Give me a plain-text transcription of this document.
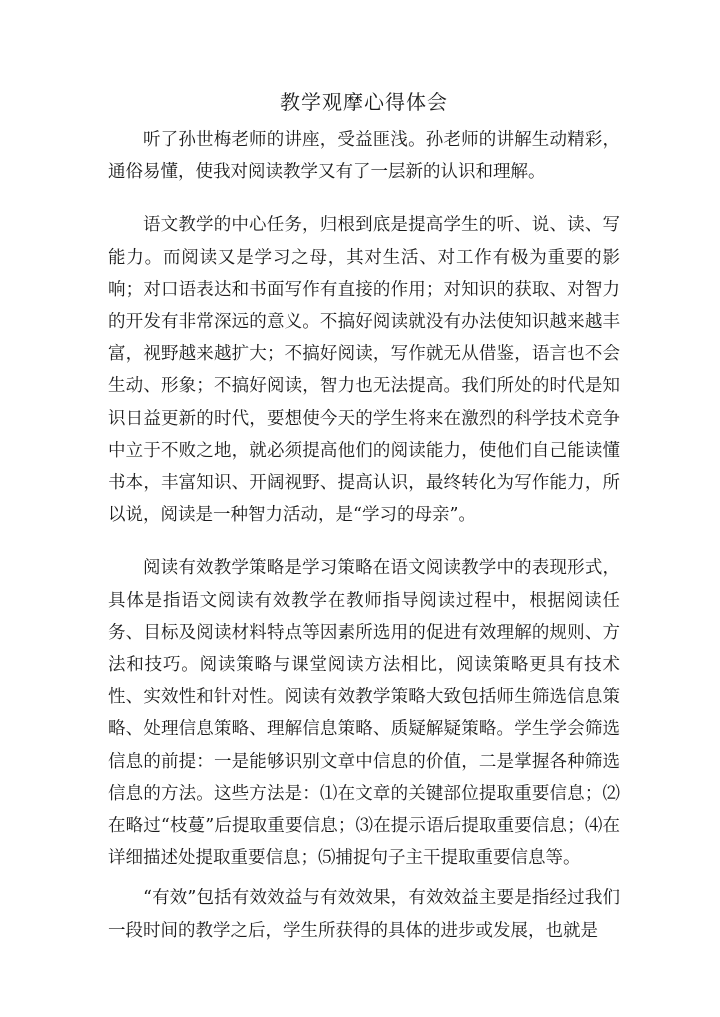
教学观摩心得体会

听了孙世梅老师的讲座，受益匪浅。孙老师的讲解生动精彩，通俗易懂，使我对阅读教学又有了一层新的认识和理解。

语文教学的中心任务，归根到底是提高学生的听、说、读、写能力。而阅读又是学习之母，其对生活、对工作有极为重要的影响；对口语表达和书面写作有直接的作用；对知识的获取、对智力的开发有非常深远的意义。不搞好阅读就没有办法使知识越来越丰富，视野越来越扩大；不搞好阅读，写作就无从借鉴，语言也不会生动、形象；不搞好阅读，智力也无法提高。我们所处的时代是知识日益更新的时代，要想使今天的学生将来在激烈的科学技术竞争中立于不败之地，就必须提高他们的阅读能力，使他们自己能读懂书本，丰富知识、开阔视野、提高认识，最终转化为写作能力，所以说，阅读是一种智力活动，是“学习的母亲”。

阅读有效教学策略是学习策略在语文阅读教学中的表现形式，具体是指语文阅读有效教学在教师指导阅读过程中，根据阅读任务、目标及阅读材料特点等因素所选用的促进有效理解的规则、方法和技巧。阅读策略与课堂阅读方法相比，阅读策略更具有技术性、实效性和针对性。阅读有效教学策略大致包括师生筛选信息策略、处理信息策略、理解信息策略、质疑解疑策略。学生学会筛选信息的前提：一是能够识别文章中信息的价值，二是掌握各种筛选信息的方法。这些方法是：⑴在文章的关键部位提取重要信息；⑵在略过“枝蔓”后提取重要信息；⑶在提示语后提取重要信息；⑷在详细描述处提取重要信息；⑸捕捉句子主干提取重要信息等。

“有效”包括有效效益与有效效果，有效效益主要是指经过我们一段时间的教学之后，学生所获得的具体的进步或发展，也就是
